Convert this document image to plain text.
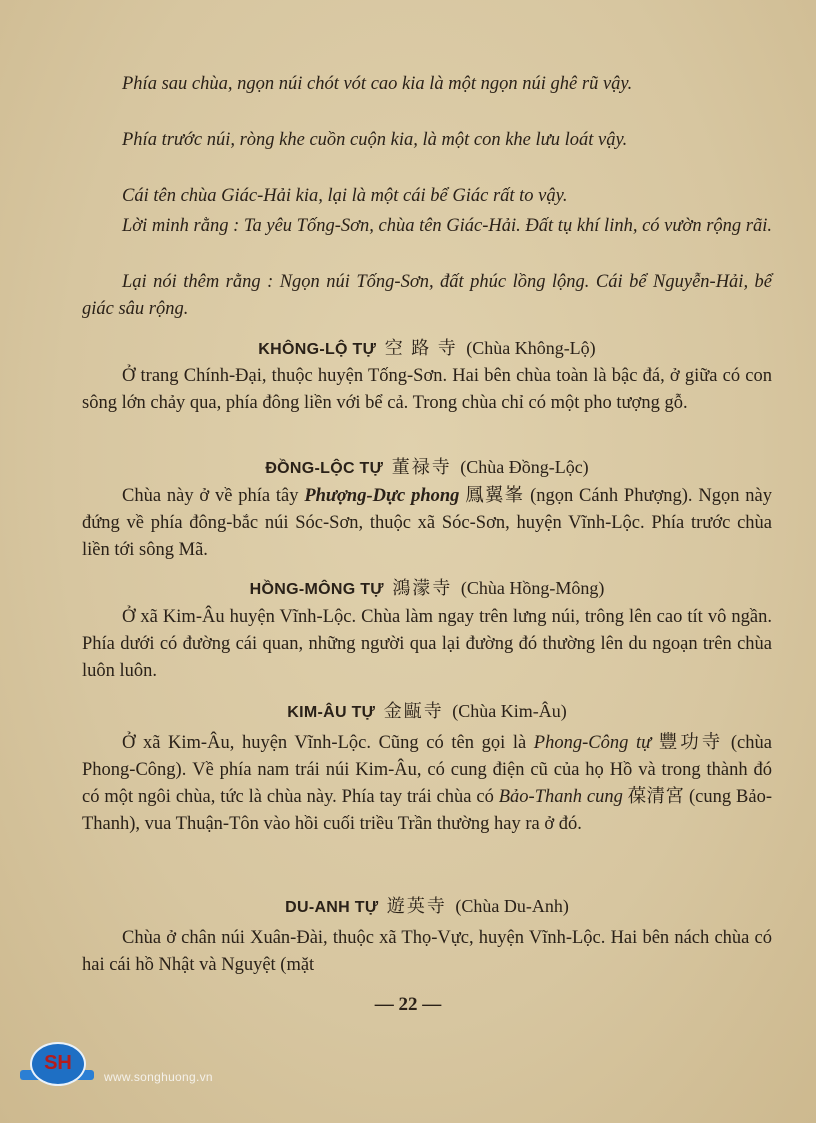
Phía sau chùa, ngọn núi chót vót cao kia là một ngọn núi ghê rũ vậy.

Phía trước núi, ròng khe cuồn cuộn kia, là một con khe lưu loát vậy.

Cái tên chùa Giác-Hải kia, lại là một cái bể Giác rất to vậy.

Lời minh rằng : Ta yêu Tống-Sơn, chùa tên Giác-Hải. Đất tụ khí linh, có vườn rộng rãi.

Lại nói thêm rằng : Ngọn núi Tống-Sơn, đất phúc lồng lộng. Cái bể Nguyễn-Hải, bể giác sâu rộng.

KHÔNG-LỘ TỰ 空 路 寺 (Chùa Không-Lộ)

Ở trang Chính-Đại, thuộc huyện Tống-Sơn. Hai bên chùa toàn là bậc đá, ở giữa có con sông lớn chảy qua, phía đông liền với bể cả. Trong chùa chỉ có một pho tượng gỗ.

ĐỒNG-LỘC TỰ 董禄寺 (Chùa Đồng-Lộc)

Chùa này ở về phía tây Phượng-Dực phong 鳳翼峯 (ngọn Cánh Phượng). Ngọn này đứng về phía đông-bắc núi Sóc-Sơn, thuộc xã Sóc-Sơn, huyện Vĩnh-Lộc. Phía trước chùa liền tới sông Mã.

HỒNG-MÔNG TỰ 鴻濛寺 (Chùa Hồng-Mông)

Ở xã Kim-Âu huyện Vĩnh-Lộc. Chùa làm ngay trên lưng núi, trông lên cao tít vô ngần. Phía dưới có đường cái quan, những người qua lại đường đó thường lên du ngoạn trên chùa luôn luôn.

KIM-ÂU TỰ 金甌寺 (Chùa Kim-Âu)

Ở xã Kim-Âu, huyện Vĩnh-Lộc. Cũng có tên gọi là Phong-Công tự 豐功寺 (chùa Phong-Công). Về phía nam trái núi Kim-Âu, có cung điện cũ của họ Hồ và trong thành đó có một ngôi chùa, tức là chùa này. Phía tay trái chùa có Bảo-Thanh cung 葆清宮 (cung Bảo-Thanh), vua Thuận-Tôn vào hồi cuối triều Trần thường hay ra ở đó.

DU-ANH TỰ 遊英寺 (Chùa Du-Anh)

Chùa ở chân núi Xuân-Đài, thuộc xã Thọ-Vực, huyện Vĩnh-Lộc. Hai bên nách chùa có hai cái hồ Nhật và Nguyệt (mặt

— 22 —
SH
www.songhuong.vn
